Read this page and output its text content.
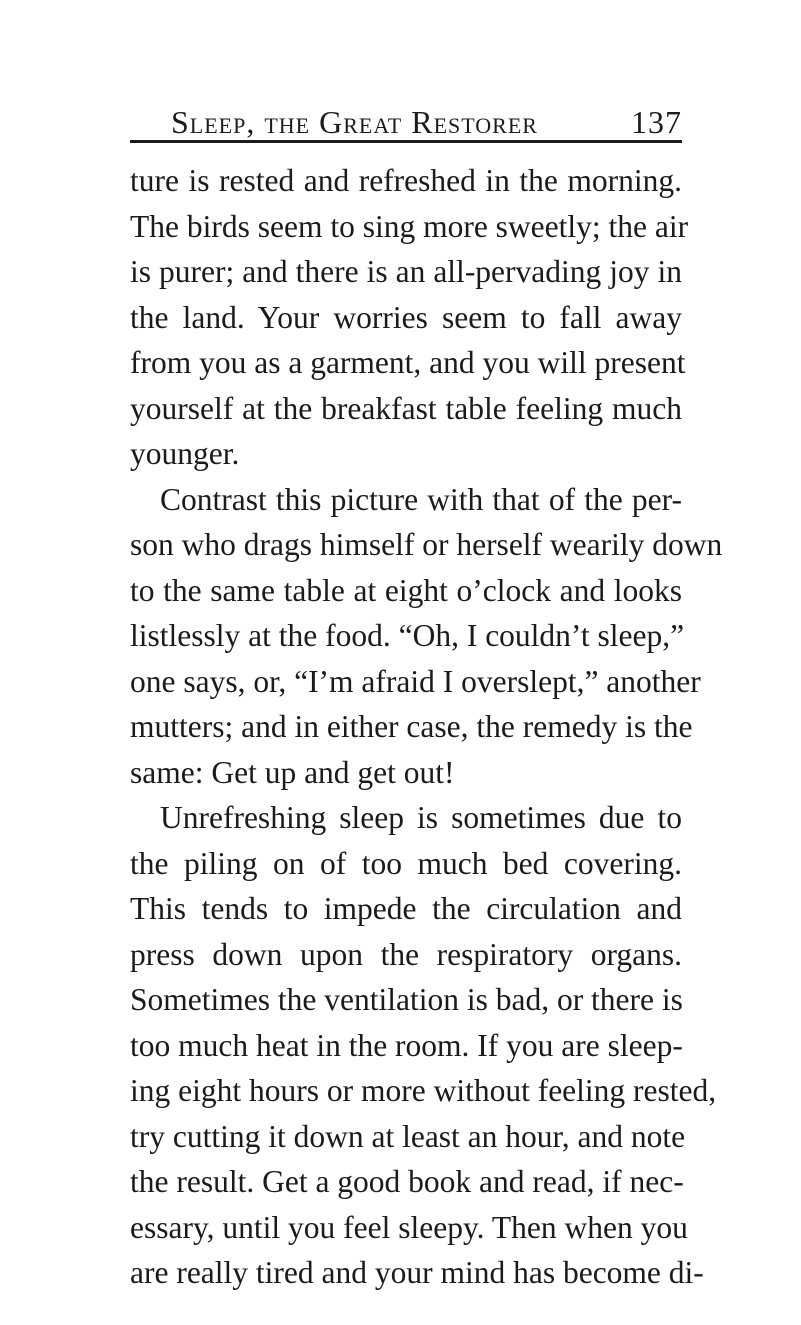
Sleep, the Great Restorer	137
ture is rested and refreshed in the morning.
The birds seem to sing more sweetly; the air
is purer; and there is an all-pervading joy in
the land. Your worries seem to fall away
from you as a garment, and you will present
yourself at the breakfast table feeling much
younger.
Contrast this picture with that of the per-
son who drags himself or herself wearily down
to the same table at eight o’clock and looks
listlessly at the food. “Oh, I couldn’t sleep,”
one says, or, “I’m afraid I overslept,” another
mutters; and in either case, the remedy is the
same: Get up and get out!
Unrefreshing sleep is sometimes due to
the piling on of too much bed covering.
This tends to impede the circulation and
press down upon the respiratory organs.
Sometimes the ventilation is bad, or there is
too much heat in the room. If you are sleep-
ing eight hours or more without feeling rested,
try cutting it down at least an hour, and note
the result. Get a good book and read, if nec-
essary, until you feel sleepy. Then when you
are really tired and your mind has become di-
